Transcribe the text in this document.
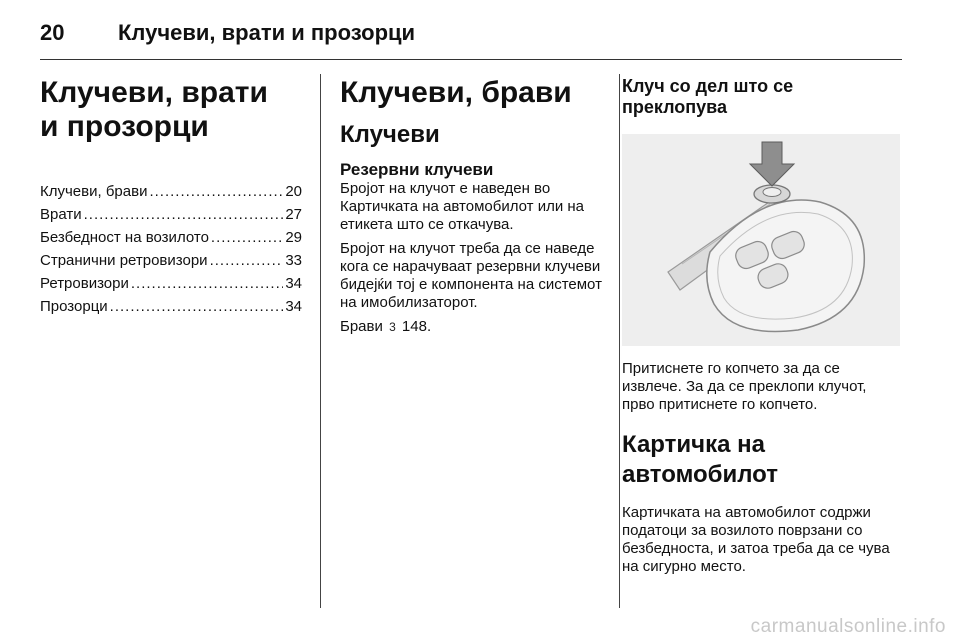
20 Клучеви, врати и прозорци
Клучеви, врати
и прозорци
Клучеви, брави .....	20
Врати .....	27
Безбедност на возилото .....	29
Странични ретровизори .....	33
Ретровизори .....	34
Прозорци .....	34
Клучеви, брави
Клучеви
Резервни клучеви

Бројот на клучот е наведен во Картичката на автомобилот или на етикета што се откачува.

Бројот на клучот треба да се наведе кога се нарачуваат резервни клучеви бидејќи тој е компонента на системот на имобилизаторот.

Брави 3 148.

Клуч со дел што се
преклопува

Притиснете го копчето за да се извлече. За да се преклопи клучот, прво притиснете го копчето.

Картичка на
автомобилот

Картичката на автомобилот содржи податоци за возилото поврзани со безбедноста, и затоа треба да се чува на сигурно место.

carmanualsonline.info
